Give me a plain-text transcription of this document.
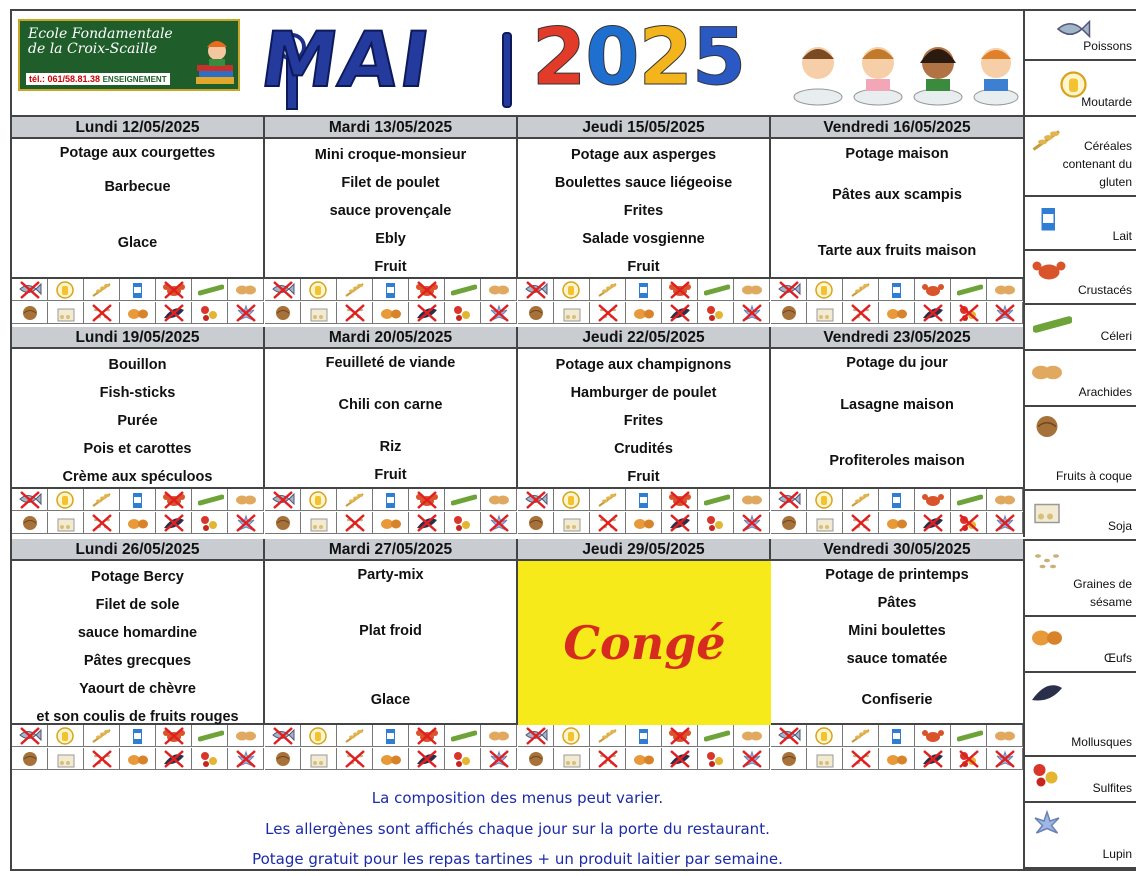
Ecole Fondamentale de la Croix-Scaille
tél.: 061/58.81.38 ENSEIGNEMENT MAI 2025	Poissons
Moutarde
Céréales contenant du gluten
Lait
Crustacés
Céleri
Arachides
Fruits à coque
Soja
Graines de sésame
Œufs
Mollusques
Sulfites
Lupin
Lundi 12/05/2025
Potage aux courgettes
Barbecue
Glace
Mardi 13/05/2025
Mini croque-monsieur
Filet de poulet
sauce provençale
Ebly
Fruit
Jeudi 15/05/2025
Potage aux asperges
Boulettes sauce liégeoise
Frites
Salade vosgienne
Fruit
Vendredi 16/05/2025
Potage maison
Pâtes aux scampis
Tarte aux fruits maison
Lundi 19/05/2025
Bouillon
Fish-sticks
Purée
Pois et carottes
Crème aux spéculoos
Mardi 20/05/2025
Feuilleté de viande
Chili con carne
Riz
Fruit
Jeudi 22/05/2025
Potage aux champignons
Hamburger de poulet
Frites
Crudités
Fruit
Vendredi 23/05/2025
Potage du jour
Lasagne maison
Profiteroles maison
Lundi 26/05/2025
Potage Bercy
Filet de sole
sauce homardine
Pâtes grecques
Yaourt de chèvre
et son coulis de fruits rouges
Mardi 27/05/2025
Party-mix
Plat froid
Glace
Jeudi 29/05/2025
Congé
Vendredi 30/05/2025
Potage de printemps
Pâtes
Mini boulettes
sauce tomatée
Confiserie

La composition des menus peut varier.

Les allergènes sont affichés chaque jour sur la porte du restaurant.

Potage gratuit pour les repas tartines + un produit laitier par semaine.
